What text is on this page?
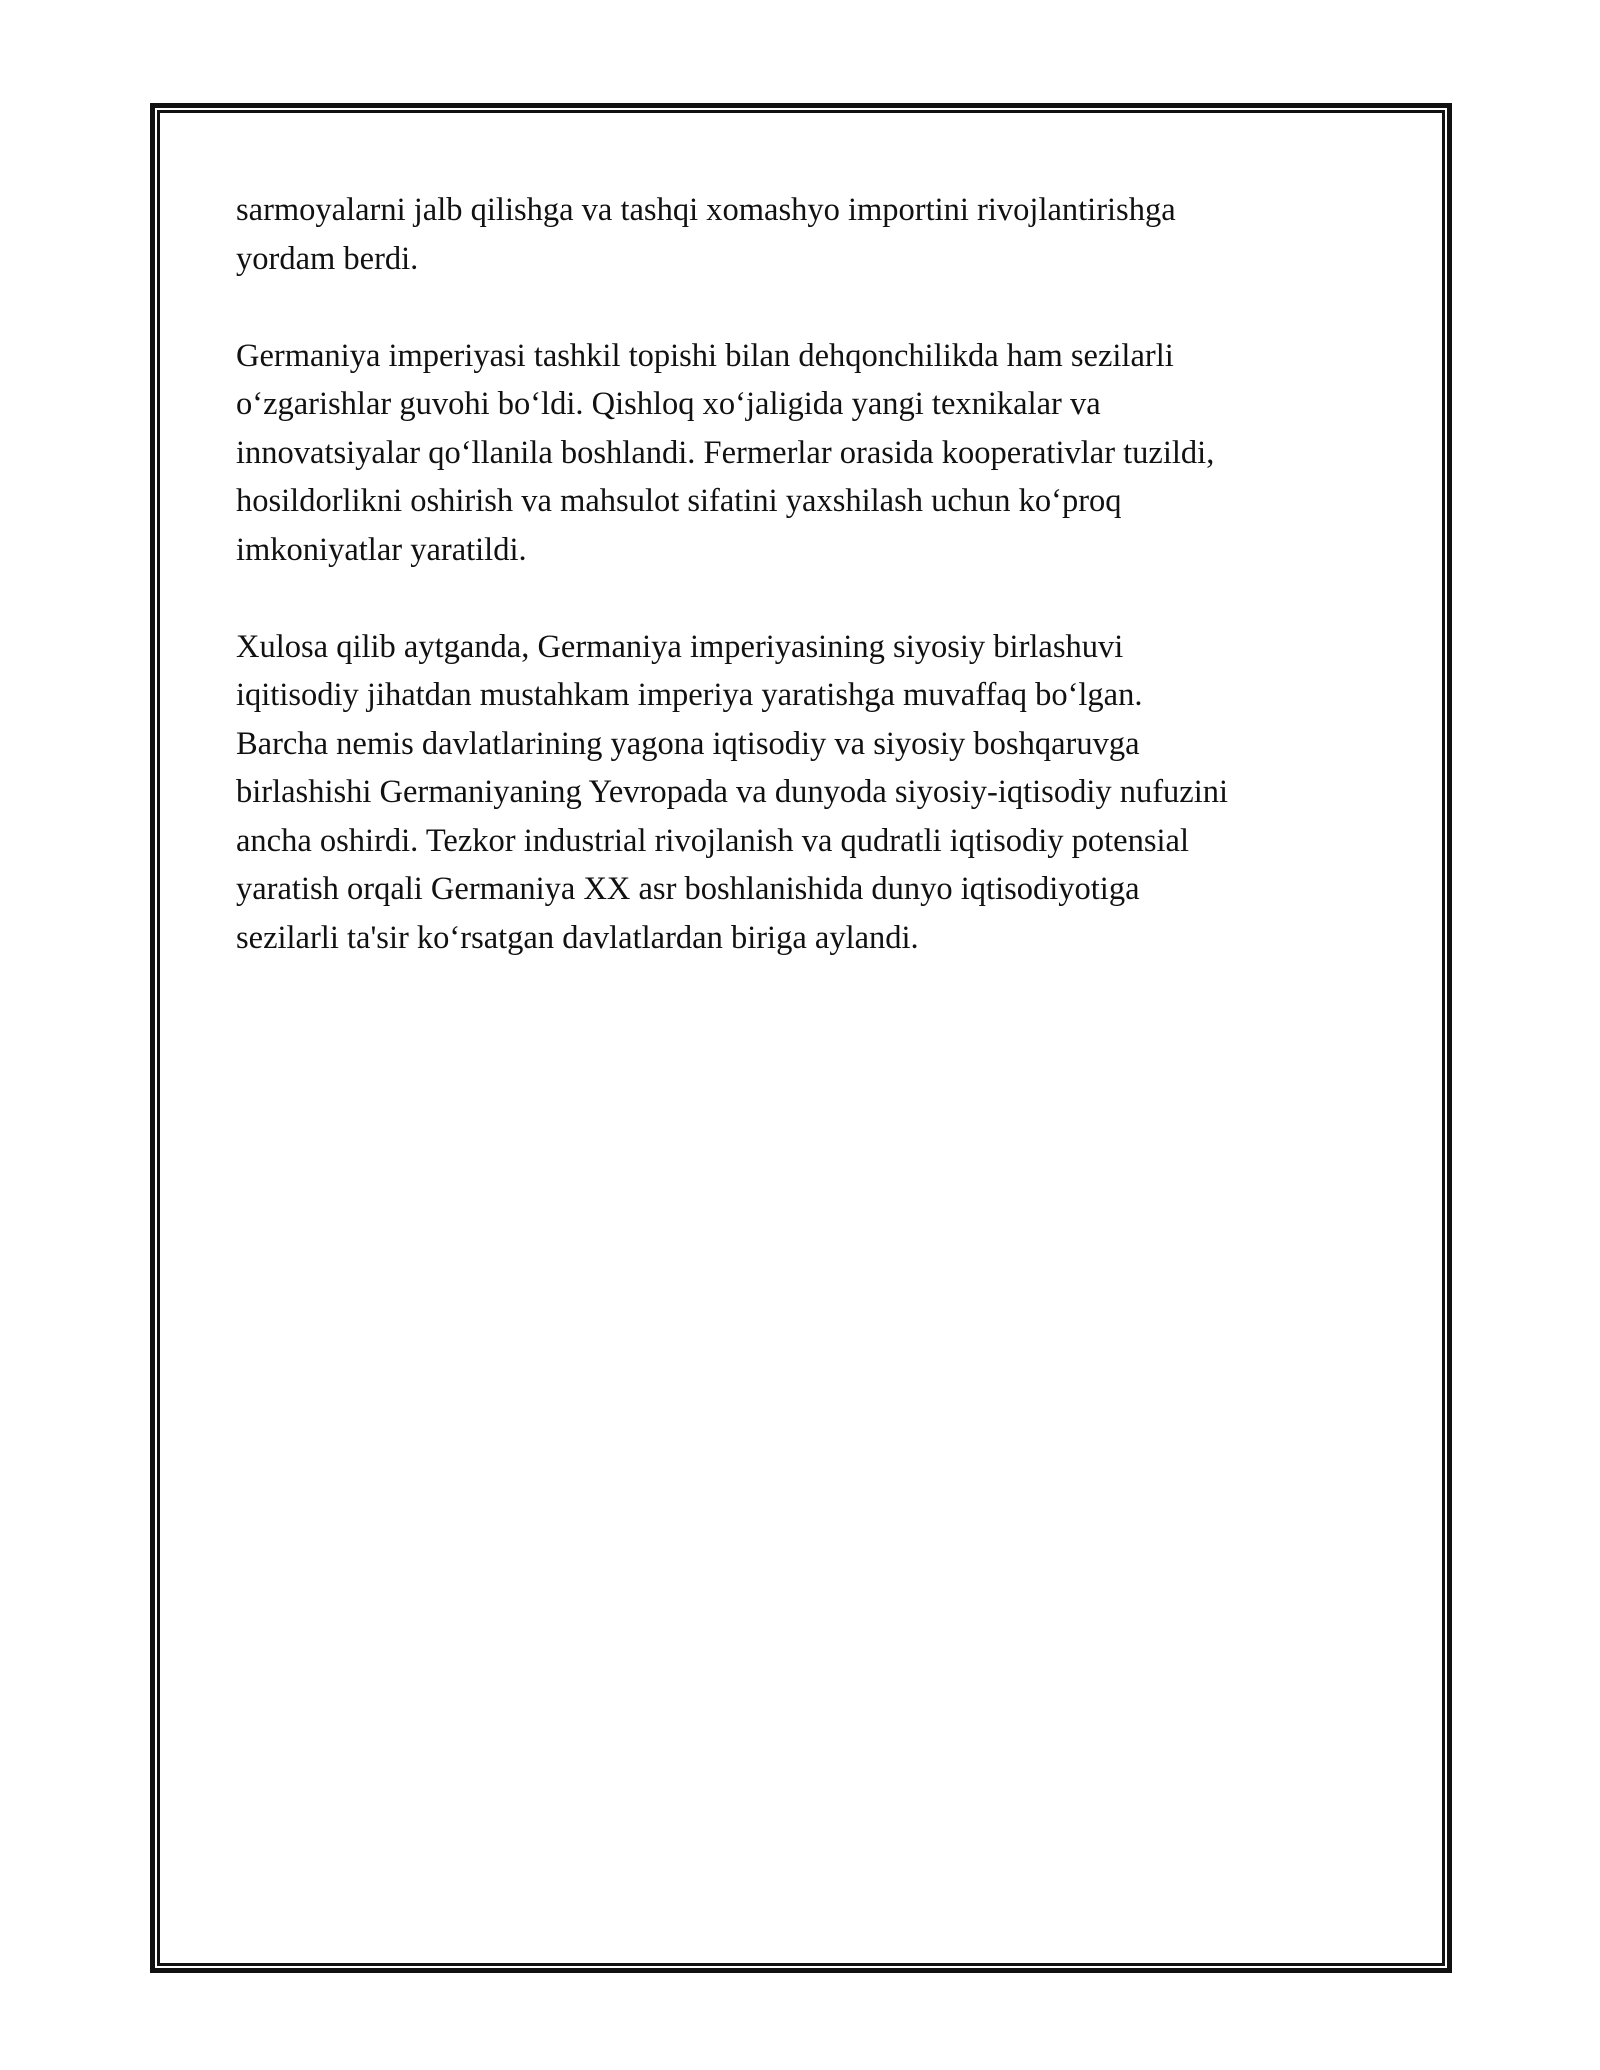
sarmoyalarni jalb qilishga va tashqi xomashyo importini rivojlantirishga
yordam berdi.

Germaniya imperiyasi tashkil topishi bilan dehqonchilikda ham sezilarli
o‘zgarishlar guvohi bo‘ldi. Qishloq xo‘jaligida yangi texnikalar va
innovatsiyalar qo‘llanila boshlandi. Fermerlar orasida kooperativlar tuzildi,
hosildorlikni oshirish va mahsulot sifatini yaxshilash uchun ko‘proq
imkoniyatlar yaratildi.

Xulosa qilib aytganda, Germaniya imperiyasining siyosiy birlashuvi
iqitisodiy jihatdan mustahkam imperiya yaratishga muvaffaq bo‘lgan.
Barcha nemis davlatlarining yagona iqtisodiy va siyosiy boshqaruvga
birlashishi Germaniyaning Yevropada va dunyoda siyosiy-iqtisodiy nufuzini
ancha oshirdi. Tezkor industrial rivojlanish va qudratli iqtisodiy potensial
yaratish orqali Germaniya XX asr boshlanishida dunyo iqtisodiyotiga
sezilarli ta'sir ko‘rsatgan davlatlardan biriga aylandi.
